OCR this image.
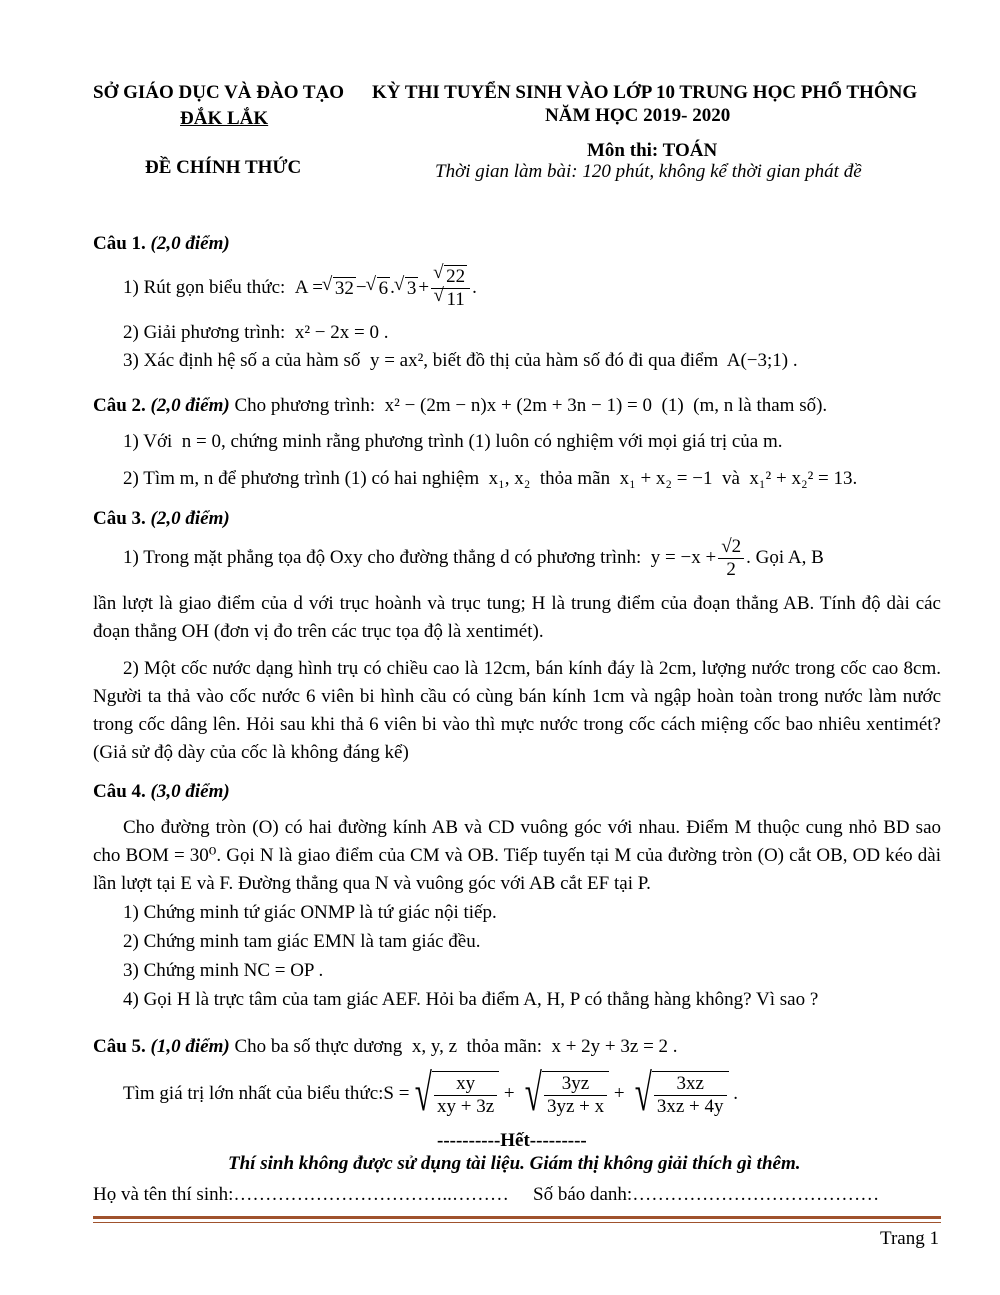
SỞ GIÁO DỤC VÀ ĐÀO TẠO
ĐẮK LẮK
ĐỀ CHÍNH THỨC
KỲ THI TUYỂN SINH VÀO LỚP 10 TRUNG HỌC PHỔ THÔNG
NĂM HỌC 2019- 2020
Môn thi: TOÁN
Thời gian làm bài: 120 phút, không kể thời gian phát đề
Câu 1. (2,0 điểm)
1) Rút gọn biểu thức:
A = √ 32 − √ 6 . √ 3 + √ 22
√ 11 .
2) Giải phương trình: x² − 2x = 0 .
3) Xác định hệ số a của hàm số y = ax², biết đồ thị của hàm số đó đi qua điểm A(−3;1) .
Câu 2. (2,0 điểm) Cho phương trình: x² − (2m − n)x + (2m + 3n − 1) = 0 (1) (m, n là tham số).
1) Với n = 0, chứng minh rằng phương trình (1) luôn có nghiệm với mọi giá trị của m.
2) Tìm m, n để phương trình (1) có hai nghiệm x₁, x₂ thỏa mãn x₁ + x₂ = −1 và x₁² + x₂² = 13.
Câu 3. (2,0 điểm)
1) Trong mặt phẳng tọa độ Oxy cho đường thẳng d có phương trình:
$y = -x + \frac{√2}{2}$ . Gọi A, B
lần lượt là giao điểm của d với trục hoành và trục tung; H là trung điểm của đoạn thẳng AB. Tính độ dài các đoạn thẳng OH (đơn vị đo trên các trục tọa độ là xentimét).
2) Một cốc nước dạng hình trụ có chiều cao là 12cm, bán kính đáy là 2cm, lượng nước trong cốc cao 8cm. Người ta thả vào cốc nước 6 viên bi hình cầu có cùng bán kính 1cm và ngập hoàn toàn trong nước làm nước trong cốc dâng lên. Hỏi sau khi thả 6 viên bi vào thì mực nước trong cốc cách miệng cốc bao nhiêu xentimét? (Giả sử độ dày của cốc là không đáng kể)
Câu 4. (3,0 điểm)
Cho đường tròn (O) có hai đường kính AB và CD vuông góc với nhau. Điểm M thuộc cung nhỏ BD sao cho BOM = 30⁰. Gọi N là giao điểm của CM và OB. Tiếp tuyến tại M của đường tròn (O) cắt OB, OD kéo dài lần lượt tại E và F. Đường thẳng qua N và vuông góc với AB cắt EF tại P.
1) Chứng minh tứ giác ONMP là tứ giác nội tiếp.
2) Chứng minh tam giác EMN là tam giác đều.
3) Chứng minh NC = OP .
4) Gọi H là trực tâm của tam giác AEF. Hỏi ba điểm A, H, P có thẳng hàng không? Vì sao ?
Câu 5. (1,0 điểm) Cho ba số thực dương x, y, z thỏa mãn: x + 2y + 3z = 2 .
Tìm giá trị lớn nhất của biểu thức: S = √ $\frac{xy}{xy + 3z}$
+
√ $\frac{3yz}{3yz + x}$
+
√ $\frac{3xz}{3xz + 4y}$
.
----------Hết---------
Thí sinh không được sử dụng tài liệu. Giám thị không giải thích gì thêm.
Họ và tên thí sinh:……………………………..……… Số báo danh:…………………………………
Trang 1
